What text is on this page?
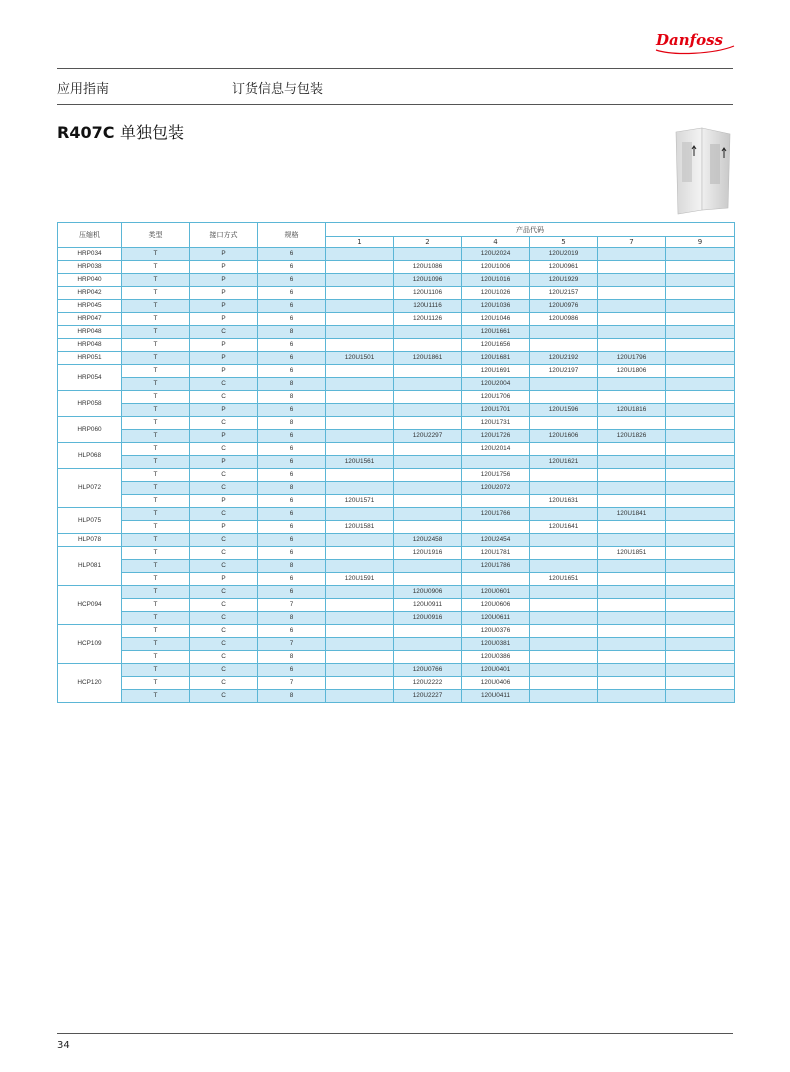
Danfoss
应用指南	订货信息与包装
R407C 单独包装
压缩机	类型	接口方式	规格	产品代码					
				1	2	4	5	7	9
HRP034	T	P	6			120U2024	120U2019		
HRP038	T	P	6		120U1086	120U1006	120U0961		
HRP040	T	P	6		120U1096	120U1016	120U1929		
HRP042	T	P	6		120U1106	120U1026	120U2157		
HRP045	T	P	6		120U1116	120U1036	120U0976		
HRP047	T	P	6		120U1126	120U1046	120U0986		
HRP048	T	C	8			120U1661			
HRP048	T	P	6			120U1656			
HRP051	T	P	6	120U1501	120U1861	120U1681	120U2192	120U1796	
HRP054	T	P	6			120U1691	120U2197	120U1806	
	T	C	8			120U2004			
HRP058	T	C	8			120U1706			
	T	P	6			120U1701	120U1596	120U1816	
HRP060	T	C	8			120U1731			
	T	P	6		120U2297	120U1726	120U1606	120U1826	
HLP068	T	C	6			120U2014			
	T	P	6	120U1561			120U1621		
HLP072	T	C	6			120U1756			
	T	C	8			120U2072			
	T	P	6	120U1571			120U1631		
HLP075	T	C	6			120U1766		120U1841	
	T	P	6	120U1581			120U1641		
HLP078	T	C	6		120U2458	120U2454			
HLP081	T	C	6		120U1916	120U1781		120U1851	
	T	C	8			120U1786			
	T	P	6	120U1591			120U1651		
HCP094	T	C	6		120U0906	120U0601			
	T	C	7		120U0911	120U0606			
	T	C	8		120U0916	120U0611			
HCP109	T	C	6			120U0376			
	T	C	7			120U0381			
	T	C	8			120U0386			
HCP120	T	C	6		120U0766	120U0401			
	T	C	7		120U2222	120U0406			
	T	C	8		120U2227	120U0411			
34
